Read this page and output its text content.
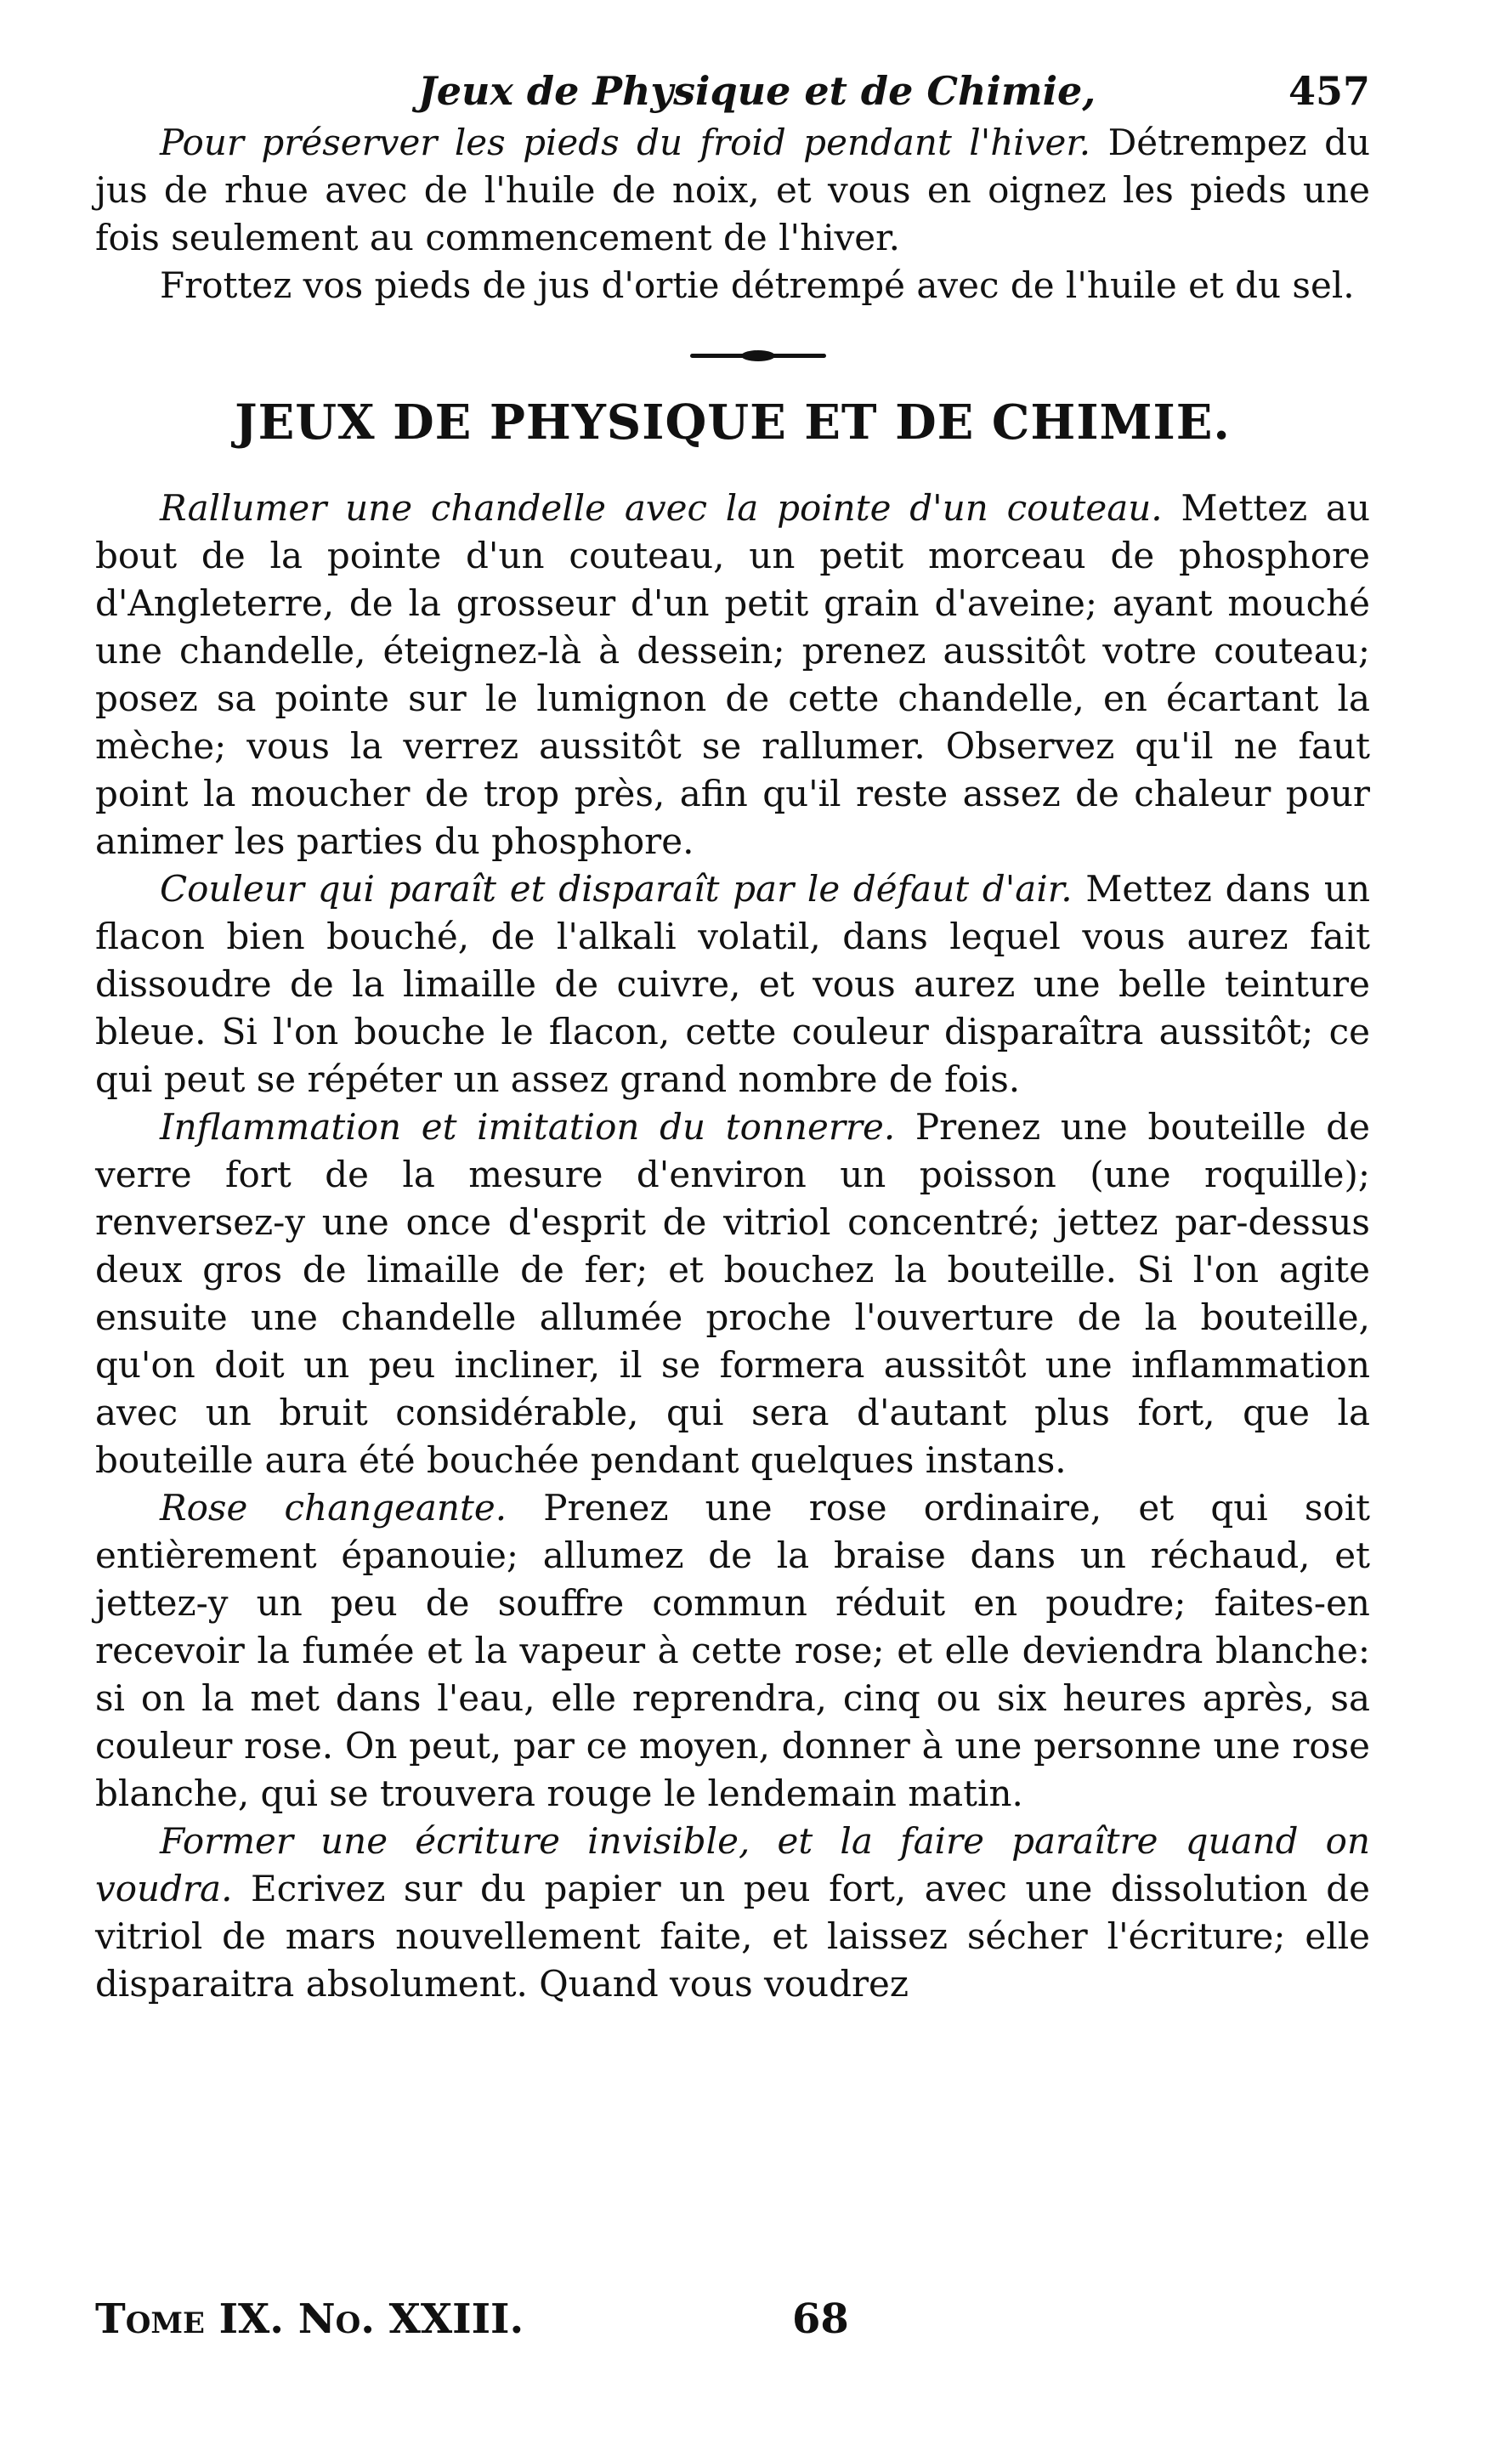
Jeux de Physique et de Chimie,	457

Pour préserver les pieds du froid pendant l'hiver. Détrempez du jus de rhue avec de l'huile de noix, et vous en oignez les pieds une fois seulement au commencement de l'hiver.

Frottez vos pieds de jus d'ortie détrempé avec de l'huile et du sel.

JEUX DE PHYSIQUE ET DE CHIMIE.

Rallumer une chandelle avec la pointe d'un couteau. Mettez au bout de la pointe d'un couteau, un petit morceau de phosphore d'Angleterre, de la grosseur d'un petit grain d'aveine; ayant mouché une chandelle, éteignez-là à dessein; prenez aussitôt votre couteau; posez sa pointe sur le lumignon de cette chandelle, en écartant la mèche; vous la verrez aussitôt se rallumer. Observez qu'il ne faut point la moucher de trop près, afin qu'il reste assez de chaleur pour animer les parties du phosphore.

Couleur qui paraît et disparaît par le défaut d'air. Mettez dans un flacon bien bouché, de l'alkali volatil, dans lequel vous aurez fait dissoudre de la limaille de cuivre, et vous aurez une belle teinture bleue. Si l'on bouche le flacon, cette couleur disparaîtra aussitôt; ce qui peut se répéter un assez grand nombre de fois.

Inflammation et imitation du tonnerre. Prenez une bouteille de verre fort de la mesure d'environ un poisson (une roquille); renversez-y une once d'esprit de vitriol concentré; jettez par-dessus deux gros de limaille de fer; et bouchez la bouteille. Si l'on agite ensuite une chandelle allumée proche l'ouverture de la bouteille, qu'on doit un peu incliner, il se formera aussitôt une inflammation avec un bruit considérable, qui sera d'autant plus fort, que la bouteille aura été bouchée pendant quelques instans.

Rose changeante. Prenez une rose ordinaire, et qui soit entièrement épanouie; allumez de la braise dans un réchaud, et jettez-y un peu de souffre commun réduit en poudre; faites-en recevoir la fumée et la vapeur à cette rose; et elle deviendra blanche: si on la met dans l'eau, elle reprendra, cinq ou six heures après, sa couleur rose. On peut, par ce moyen, donner à une personne une rose blanche, qui se trouvera rouge le lendemain matin.

Former une écriture invisible, et la faire paraître quand on voudra. Ecrivez sur du papier un peu fort, avec une dissolution de vitriol de mars nouvellement faite, et laissez sécher l'écriture; elle disparaitra absolument. Quand vous voudrez

Tome IX. No. XXIII.	68
